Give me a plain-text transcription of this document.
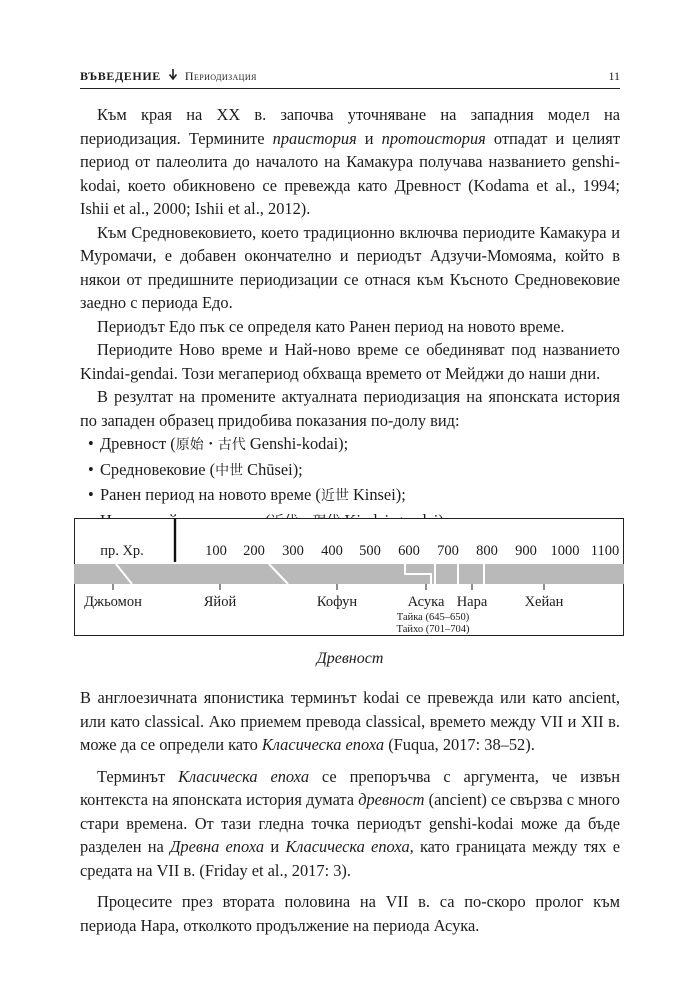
ВЪВЕДЕНИЕ Периодизация	11

Към края на XX в. започва уточняване на западния модел на периодизация. Термините праистория и протоистория отпадат и целият период от палеолита до началото на Камакура получава названието genshi-kodai, което обикновено се превежда като Древност (Kodama et al., 1994; Ishii et al., 2000; Ishii et al., 2012).

Към Средновековието, което традиционно включва периодите Камакура и Муромачи, е добавен окончателно и периодът Адзучи-Момояма, който в някои от предишните периодизации се отнася към Късното Средновековие заедно с периода Едо.

Периодът Едо пък се определя като Ранен период на новото време.

Периодите Ново време и Най-ново време се обединяват под названието Kindai-gendai. Този мегапериод обхваща времето от Мейджи до наши дни.

В резултат на промените актуалната периодизация на японската история по западен образец придобива показания по-долу вид:

• Древност (原始・古代 Genshi-kodai);
• Средновековие (中世 Chūsei);
• Ранен период на новото време (近世 Kinsei);
пр. Хр.	100 200 300 400 500 600 700 800 900 1000 1100
Джьомон	Яйой	Кофун	Асука Нара	Хейан
Тайка (645–650)
Тайхо (701–704)
Древност

В англоезичната японистика терминът kodai се превежда или като ancient, или като classical. Ако приемем превода classical, времето между VII и XII в. може да се определи като Класическа епоха (Fuqua, 2017: 38–52).

Терминът Класическа епоха се препоръчва с аргумента, че извън контекста на японската история думата древност (ancient) се свързва с много стари времена. От тази гледна точка периодът genshi-kodai може да бъде разделен на Древна епоха и Класическа епоха, като границата между тях е средата на VII в. (Friday et al., 2017: 3).

Процесите през втората половина на VII в. са по-скоро пролог към периода Нара, отколкото продължение на периода Асука.
